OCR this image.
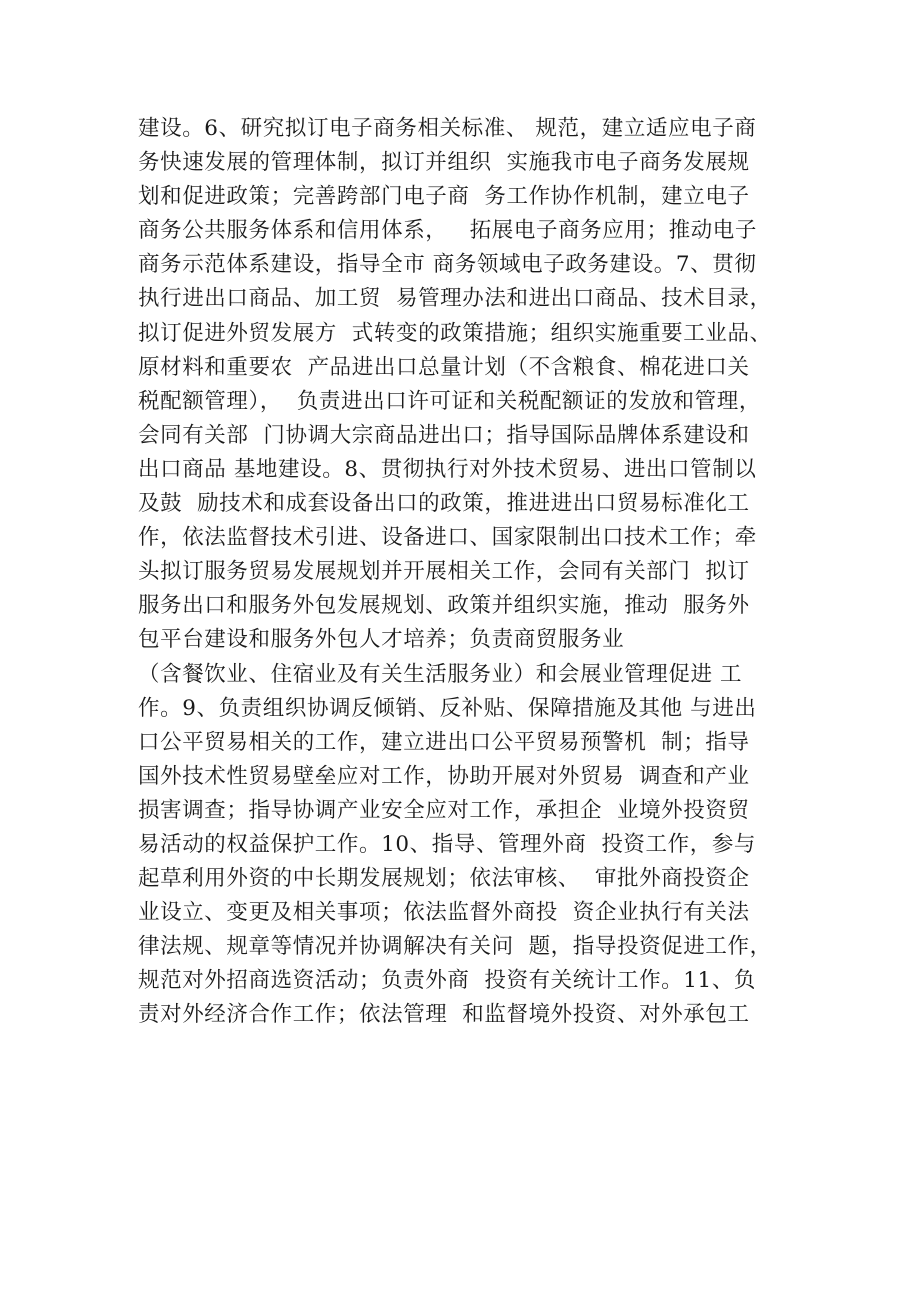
建设。6、研究拟订电子商务相关标准、 规范，建立适应电子商
务快速发展的管理体制，拟订并组织  实施我市电子商务发展规
划和促进政策；完善跨部门电子商  务工作协作机制，建立电子
商务公共服务体系和信用体系，   拓展电子商务应用；推动电子
商务示范体系建设，指导全市 商务领域电子政务建设。7、贯彻
执行进出口商品、加工贸  易管理办法和进出口商品、技术目录，
拟订促进外贸发展方  式转变的政策措施；组织实施重要工业品、
原材料和重要农  产品进出口总量计划（不含粮食、棉花进口关
税配额管理），  负责进出口许可证和关税配额证的发放和管理，
会同有关部  门协调大宗商品进出口；指导国际品牌体系建设和
出口商品 基地建设。8、贯彻执行对外技术贸易、进出口管制以
及鼓  励技术和成套设备出口的政策，推进进出口贸易标准化工
作，依法监督技术引进、设备进口、国家限制出口技术工作；牵
头拟订服务贸易发展规划并开展相关工作，会同有关部门  拟订
服务出口和服务外包发展规划、政策并组织实施，推动  服务外
包平台建设和服务外包人才培养；负责商贸服务业
（含餐饮业、住宿业及有关生活服务业）和会展业管理促进 工
作。9、负责组织协调反倾销、反补贴、保障措施及其他 与进出
口公平贸易相关的工作，建立进出口公平贸易预警机  制；指导
国外技术性贸易壁垒应对工作，协助开展对外贸易  调查和产业
损害调查；指导协调产业安全应对工作，承担企  业境外投资贸
易活动的权益保护工作。10、指导、管理外商  投资工作，参与
起草利用外资的中长期发展规划；依法审核、  审批外商投资企
业设立、变更及相关事项；依法监督外商投  资企业执行有关法
律法规、规章等情况并协调解决有关问  题，指导投资促进工作，
规范对外招商选资活动；负责外商  投资有关统计工作。11、负
责对外经济合作工作；依法管理  和监督境外投资、对外承包工
